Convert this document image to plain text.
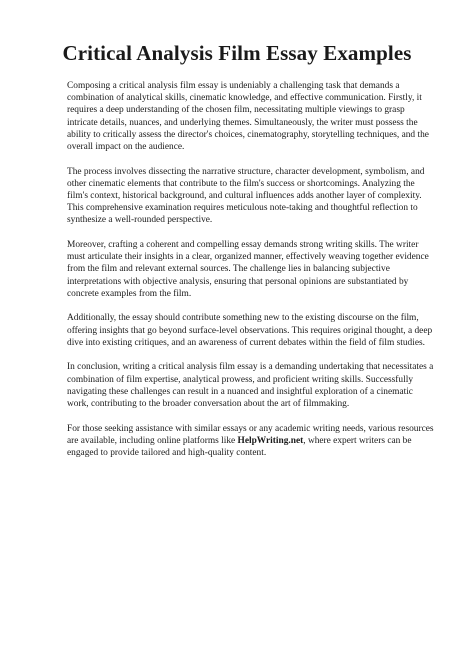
Critical Analysis Film Essay Examples

Composing a critical analysis film essay is undeniably a challenging task that demands a
combination of analytical skills, cinematic knowledge, and effective communication. Firstly, it
requires a deep understanding of the chosen film, necessitating multiple viewings to grasp
intricate details, nuances, and underlying themes. Simultaneously, the writer must possess the
ability to critically assess the director's choices, cinematography, storytelling techniques, and the
overall impact on the audience.

The process involves dissecting the narrative structure, character development, symbolism, and
other cinematic elements that contribute to the film's success or shortcomings. Analyzing the
film's context, historical background, and cultural influences adds another layer of complexity.
This comprehensive examination requires meticulous note-taking and thoughtful reflection to
synthesize a well-rounded perspective.

Moreover, crafting a coherent and compelling essay demands strong writing skills. The writer
must articulate their insights in a clear, organized manner, effectively weaving together evidence
from the film and relevant external sources. The challenge lies in balancing subjective
interpretations with objective analysis, ensuring that personal opinions are substantiated by
concrete examples from the film.

Additionally, the essay should contribute something new to the existing discourse on the film,
offering insights that go beyond surface-level observations. This requires original thought, a deep
dive into existing critiques, and an awareness of current debates within the field of film studies.

In conclusion, writing a critical analysis film essay is a demanding undertaking that necessitates a
combination of film expertise, analytical prowess, and proficient writing skills. Successfully
navigating these challenges can result in a nuanced and insightful exploration of a cinematic
work, contributing to the broader conversation about the art of filmmaking.

For those seeking assistance with similar essays or any academic writing needs, various resources
are available, including online platforms like HelpWriting.net, where expert writers can be
engaged to provide tailored and high-quality content.
